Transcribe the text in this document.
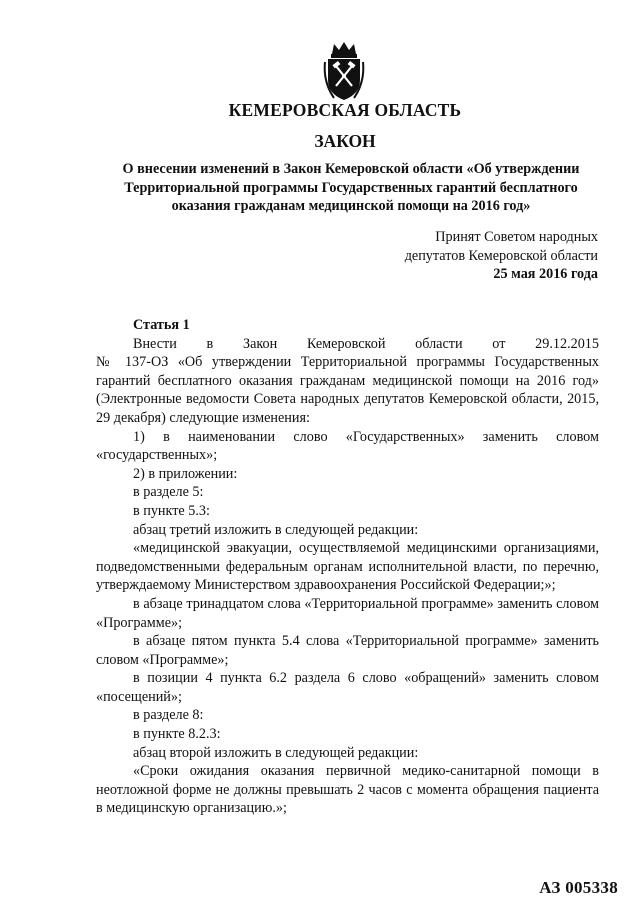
КЕМЕРОВСКАЯ ОБЛАСТЬ
ЗАКОН
О внесении изменений в Закон Кемеровской области «Об утверждении
Территориальной программы Государственных гарантий бесплатного
оказания гражданам медицинской помощи на 2016 год»
Принят Советом народных
депутатов Кемеровской области
25 мая 2016 года

Статья 1

Внести в Закон Кемеровской области от 29.12.2015

№ 137-ОЗ «Об утверждении Территориальной программы Государственных гарантий бесплатного оказания гражданам медицинской помощи на 2016 год» (Электронные ведомости Совета народных депутатов Кемеровской области, 2015, 29 декабря) следующие изменения:

1) в наименовании слово «Государственных» заменить словом «государственных»;

2) в приложении:

в разделе 5:

в пункте 5.3:

абзац третий изложить в следующей редакции:

«медицинской эвакуации, осуществляемой медицинскими организациями, подведомственными федеральным органам исполнительной власти, по перечню, утверждаемому Министерством здравоохранения Российской Федерации;»;

в абзаце тринадцатом слова «Территориальной программе» заменить словом «Программе»;

в абзаце пятом пункта 5.4 слова «Территориальной программе» заменить словом «Программе»;

в позиции 4 пункта 6.2 раздела 6 слово «обращений» заменить словом «посещений»;

в разделе 8:

в пункте 8.2.3:

абзац второй изложить в следующей редакции:

«Сроки ожидания оказания первичной медико-санитарной помощи в неотложной форме не должны превышать 2 часов с момента обращения пациента в медицинскую организацию.»;

АЗ 005338
